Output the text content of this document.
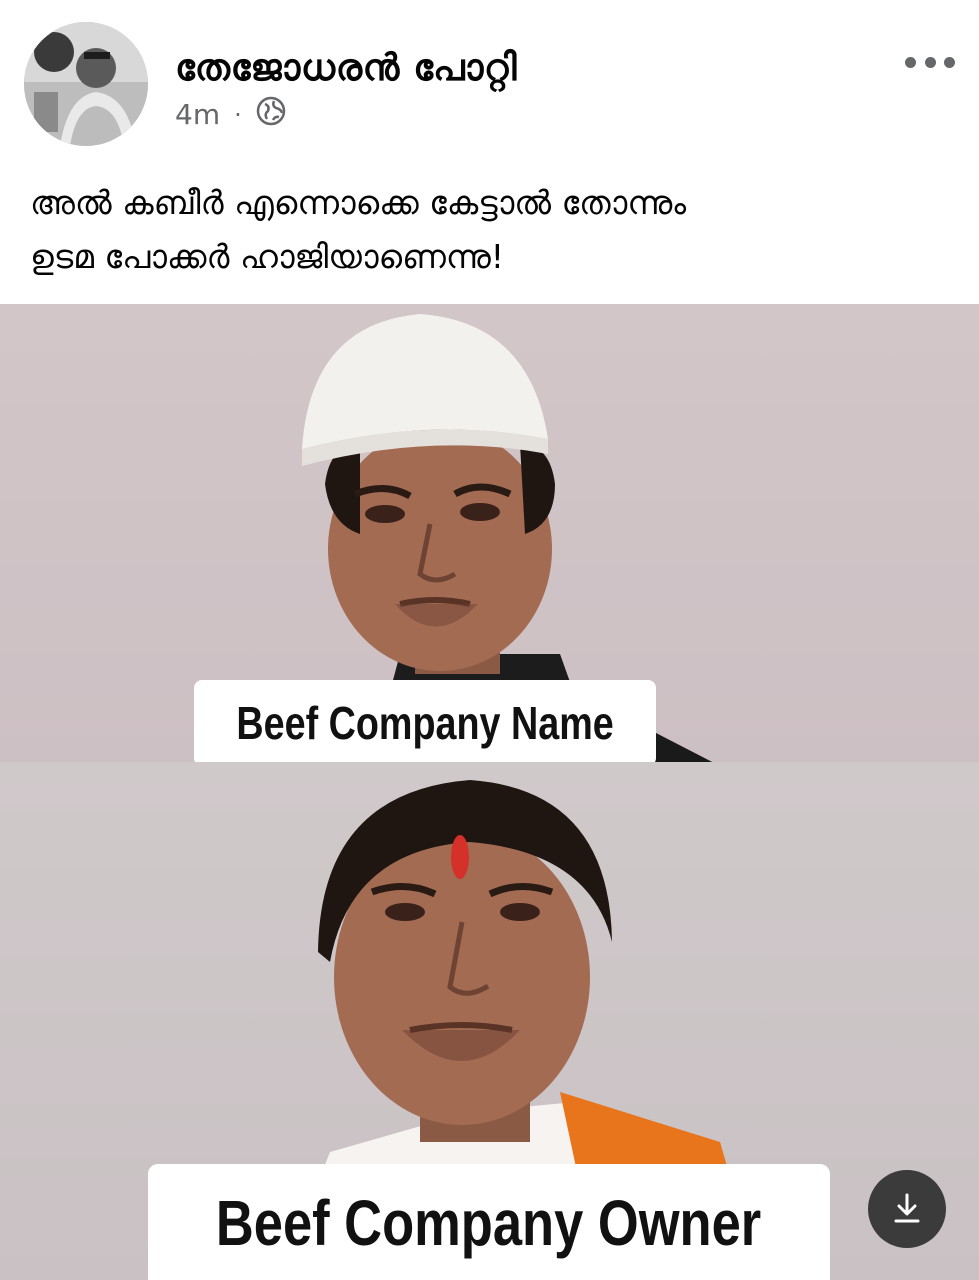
തേജോധരൻ പോറ്റി
4m ·
അൽ കബീർ എന്നൊക്കെ കേട്ടാൽ തോന്നും
ഉടമ പോക്കർ ഹാജിയാണെന്നു!
Beef Company Name
Beef Company Owner
